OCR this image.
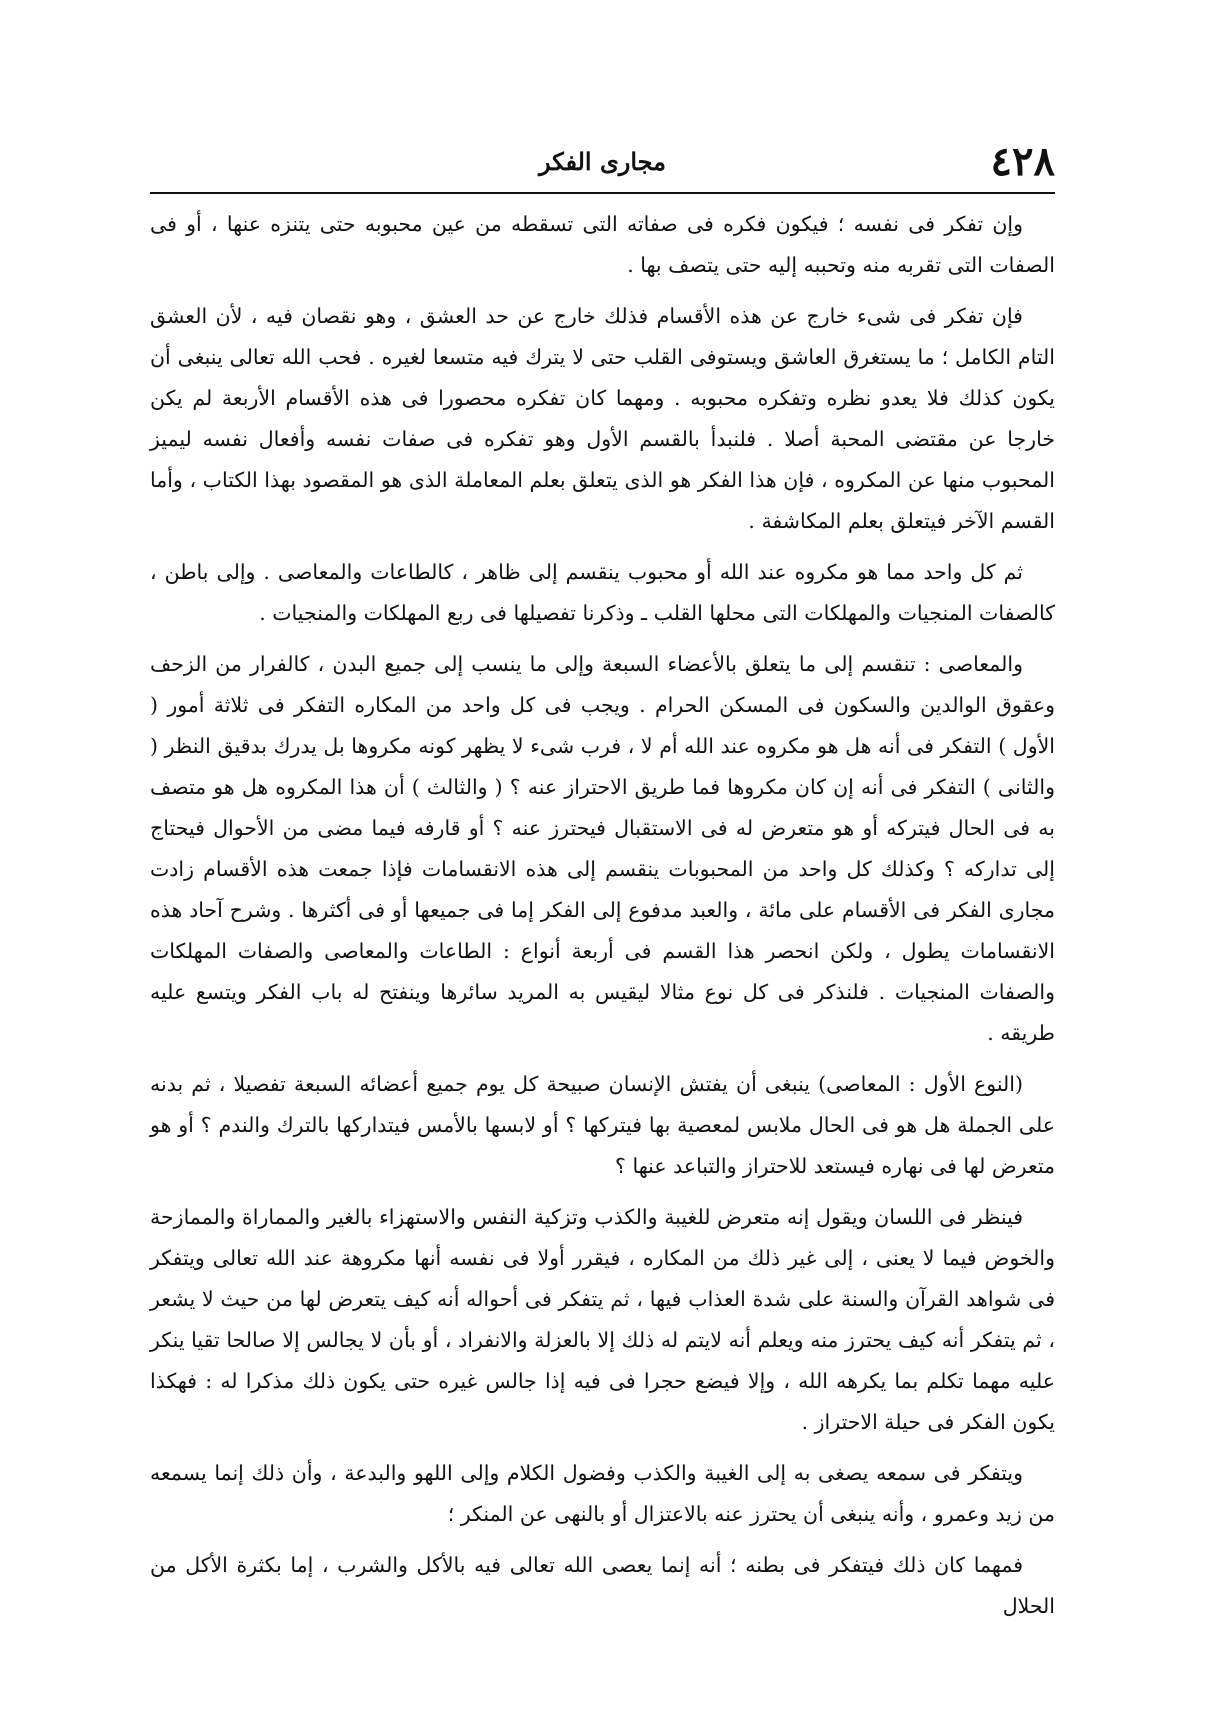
٤٢٨
مجارى الفكر

وإن تفكر فى نفسه ؛ فيكون فكره فى صفاته التى تسقطه من عين محبوبه حتى يتنزه عنها ، أو فى الصفات التى تقربه منه وتحببه إليه حتى يتصف بها .

فإن تفكر فى شىء خارج عن هذه الأقسام فذلك خارج عن حد العشق ، وهو نقصان فيه ، لأن العشق التام الكامل ؛ ما يستغرق العاشق ويستوفى القلب حتى لا يترك فيه متسعا لغيره . فحب الله تعالى ينبغى أن يكون كذلك فلا يعدو نظره وتفكره محبوبه . ومهما كان تفكره محصورا فى هذه الأقسام الأربعة لم يكن خارجا عن مقتضى المحبة أصلا . فلنبدأ بالقسم الأول وهو تفكره فى صفات نفسه وأفعال نفسه ليميز المحبوب منها عن المكروه ، فإن هذا الفكر هو الذى يتعلق بعلم المعاملة الذى هو المقصود بهذا الكتاب ، وأما القسم الآخر فيتعلق بعلم المكاشفة .

ثم كل واحد مما هو مكروه عند الله أو محبوب ينقسم إلى ظاهر ، كالطاعات والمعاصى . وإلى باطن ، كالصفات المنجيات والمهلكات التى محلها القلب ـ وذكرنا تفصيلها فى ربع المهلكات والمنجيات .

والمعاصى : تنقسم إلى ما يتعلق بالأعضاء السبعة وإلى ما ينسب إلى جميع البدن ، كالفرار من الزحف وعقوق الوالدين والسكون فى المسكن الحرام . ويجب فى كل واحد من المكاره التفكر فى ثلاثة أمور ( الأول ) التفكر فى أنه هل هو مكروه عند الله أم لا ، فرب شىء لا يظهر كونه مكروها بل يدرك بدقيق النظر ( والثانى ) التفكر فى أنه إن كان مكروها فما طريق الاحتراز عنه ؟ ( والثالث ) أن هذا المكروه هل هو متصف به فى الحال فيتركه أو هو متعرض له فى الاستقبال فيحترز عنه ؟ أو قارفه فيما مضى من الأحوال فيحتاج إلى تداركه ؟ وكذلك كل واحد من المحبوبات ينقسم إلى هذه الانقسامات فإذا جمعت هذه الأقسام زادت مجارى الفكر فى الأقسام على مائة ، والعبد مدفوع إلى الفكر إما فى جميعها أو فى أكثرها . وشرح آحاد هذه الانقسامات يطول ، ولكن انحصر هذا القسم فى أربعة أنواع : الطاعات والمعاصى والصفات المهلكات والصفات المنجيات . فلنذكر فى كل نوع مثالا ليقيس به المريد سائرها وينفتح له باب الفكر ويتسع عليه طريقه .

(النوع الأول : المعاصى) ينبغى أن يفتش الإنسان صبيحة كل يوم جميع أعضائه السبعة تفصيلا ، ثم بدنه على الجملة هل هو فى الحال ملابس لمعصية بها فيتركها ؟ أو لابسها بالأمس فيتداركها بالترك والندم ؟ أو هو متعرض لها فى نهاره فيستعد للاحتراز والتباعد عنها ؟

فينظر فى اللسان ويقول إنه متعرض للغيبة والكذب وتزكية النفس والاستهزاء بالغير والمماراة والممازحة والخوض فيما لا يعنى ، إلى غير ذلك من المكاره ، فيقرر أولا فى نفسه أنها مكروهة عند الله تعالى ويتفكر فى شواهد القرآن والسنة على شدة العذاب فيها ، ثم يتفكر فى أحواله أنه كيف يتعرض لها من حيث لا يشعر ، ثم يتفكر أنه كيف يحترز منه ويعلم أنه لايتم له ذلك إلا بالعزلة والانفراد ، أو بأن لا يجالس إلا صالحا تقيا ينكر عليه مهما تكلم بما يكرهه الله ، وإلا فيضع حجرا فى فيه إذا جالس غيره حتى يكون ذلك مذكرا له : فهكذا يكون الفكر فى حيلة الاحتراز .

ويتفكر فى سمعه يصغى به إلى الغيبة والكذب وفضول الكلام وإلى اللهو والبدعة ، وأن ذلك إنما يسمعه من زيد وعمرو ، وأنه ينبغى أن يحترز عنه بالاعتزال أو بالنهى عن المنكر ؛

فمهما كان ذلك فيتفكر فى بطنه ؛ أنه إنما يعصى الله تعالى فيه بالأكل والشرب ، إما بكثرة الأكل من الحلال
